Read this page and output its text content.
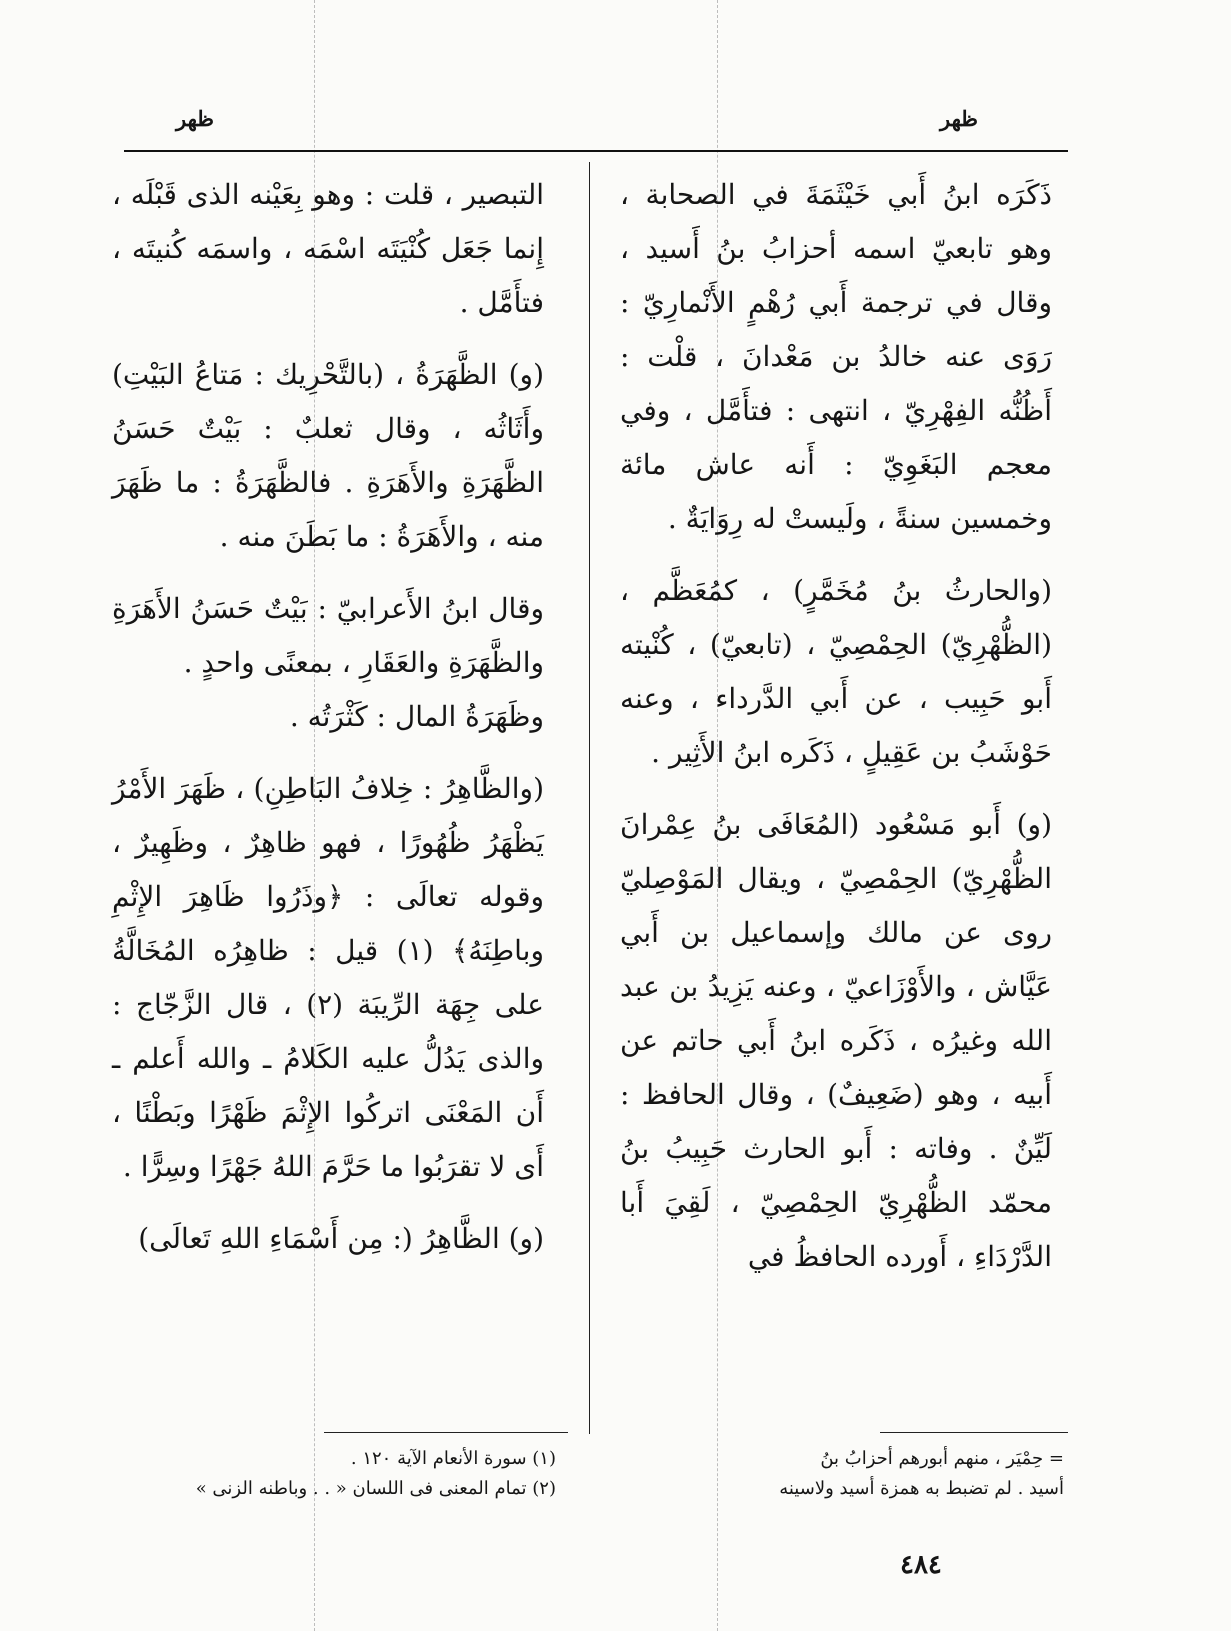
ظهر
ظهر

ذَكَرَه ابنُ أَبي خَيْثَمَةَ في الصحابة ، وهو تابعيّ اسمه أحزابُ بنُ أَسيد ، وقال في ترجمة أَبي رُهْمٍ الأَنْمارِيّ : رَوَى عنه خالدُ بن مَعْدانَ ، قلْت : أَظُنُّه الفِهْرِيّ ، انتهى : فتأَمَّل ، وفي معجم البَغَوِيّ : أَنه عاش مائة وخمسين سنةً ، ولَيستْ له رِوَايَةٌ .

(والحارثُ بنُ مُخَمَّرٍ) ، كمُعَظَّم ، (الظُّهْرِيّ) الحِمْصِيّ ، (تابعيّ) ، كُنْيته أَبو حَبِيب ، عن أَبي الدَّرداء ، وعنه حَوْشَبُ بن عَقِيلٍ ، ذَكَره ابنُ الأَثِير .

(و) أَبو مَسْعُود (المُعَافَى بنُ عِمْرانَ الظُّهْرِيّ) الحِمْصِيّ ، ويقال المَوْصِليّ روى عن مالك وإسماعيل بن أَبي عَيَّاش ، والأَوْزَاعيّ ، وعنه يَزِيدُ بن عبد الله وغيرُه ، ذَكَره ابنُ أَبي حاتم عن أَبيه ، وهو (ضَعِيفٌ) ، وقال الحافظ : لَيِّنٌ . وفاته : أَبو الحارث حَبِيبُ بنُ محمّد الظُّهْرِيّ الحِمْصِيّ ، لَقِيَ أَبا الدَّرْدَاءِ ، أَورده الحافظُ في

التبصير ، قلت : وهو بِعَيْنه الذى قَبْلَه ، إِنما جَعَل كُنْيَتَه اسْمَه ، واسمَه كُنيتَه ، فتأَمَّل .

(و) الظَّهَرَةُ ، (بالتَّحْرِيك : مَتاعُ البَيْتِ) وأَثَاثُه ، وقال ثعلبٌ : بَيْتٌ حَسَنُ الظَّهَرَةِ والأَهَرَةِ . فالظَّهَرَةُ : ما ظَهَرَ منه ، والأَهَرَةُ : ما بَطَنَ منه .

وقال ابنُ الأَعرابيّ : بَيْتٌ حَسَنُ الأَهَرَةِ والظَّهَرَةِ والعَقَارِ ، بمعنًى واحدٍ .

وظَهَرَةُ المال : كَثْرَتُه .

(والظَّاهِرُ : خِلافُ البَاطِنِ) ، ظَهَرَ الأَمْرُ يَظْهَرُ ظُهُورًا ، فهو ظاهِرٌ ، وظَهِيرٌ ، وقوله تعالَى : ﴿وذَرُوا ظَاهِرَ الإِثْمِ وباطِنَهُ﴾ (١) قيل : ظاهِرُه المُخَالَّةُ على جِهَة الرِّيبَة (٢) ، قال الزَّجّاج : والذى يَدُلُّ عليه الكَلامُ ـ والله أَعلم ـ أَن المَعْنَى اتركُوا الإِثْمَ ظَهْرًا وبَطْنًا ، أَى لا تقرَبُوا ما حَرَّمَ اللهُ جَهْرًا وسِرًّا .

(و) الظَّاهِرُ (: مِن أَسْمَاءِ اللهِ تَعالَى)

= حِمْيَر ، منهم أبورهم أحزابُ بنُ

أسيد . لم تضبط به همزة أسيد ولاسينه

(١) سورة الأنعام الآية ١٢٠ .

(٢) تمام المعنى فى اللسان « . . وباطنه الزنى »

٤٨٤
